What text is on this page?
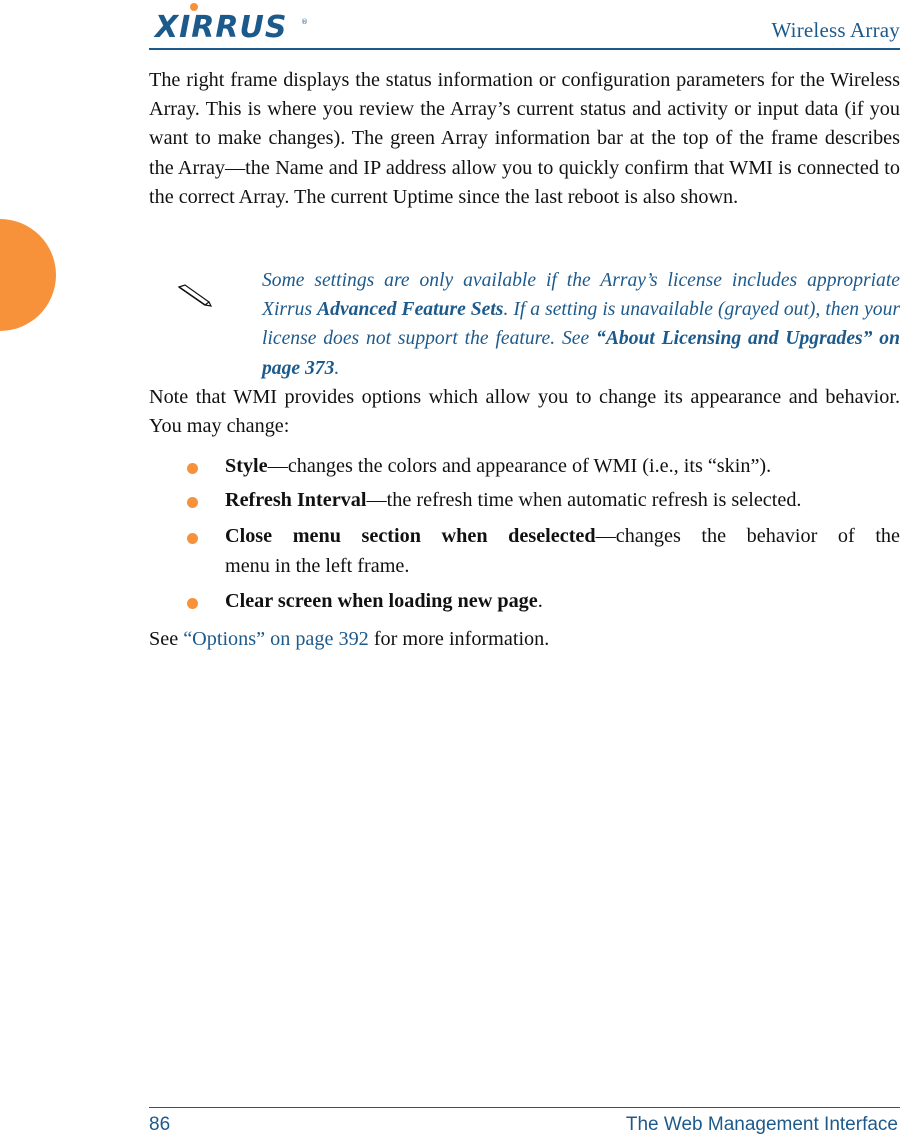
XIRRUS ®	Wireless Array

The right frame displays the status information or configuration parameters for the Wireless Array. This is where you review the Array’s current status and activity or input data (if you want to make changes). The green Array information bar at the top of the frame describes the Array—the Name and IP address allow you to quickly confirm that WMI is connected to the correct Array. The current Uptime since the last reboot is also shown.

Some settings are only available if the Array’s license includes appropriate Xirrus Advanced Feature Sets. If a setting is unavailable (grayed out), then your license does not support the feature. See “About Licensing and Upgrades” on page 373.

Note that WMI provides options which allow you to change its appearance and behavior. You may change:

Style—changes the colors and appearance of WMI (i.e., its “skin”).
Refresh Interval—the refresh time when automatic refresh is selected.
Close menu section when deselected—changes the behavior of the
menu in the left frame.
Clear screen when loading new page.

See “Options” on page 392 for more information.

86	The Web Management Interface
